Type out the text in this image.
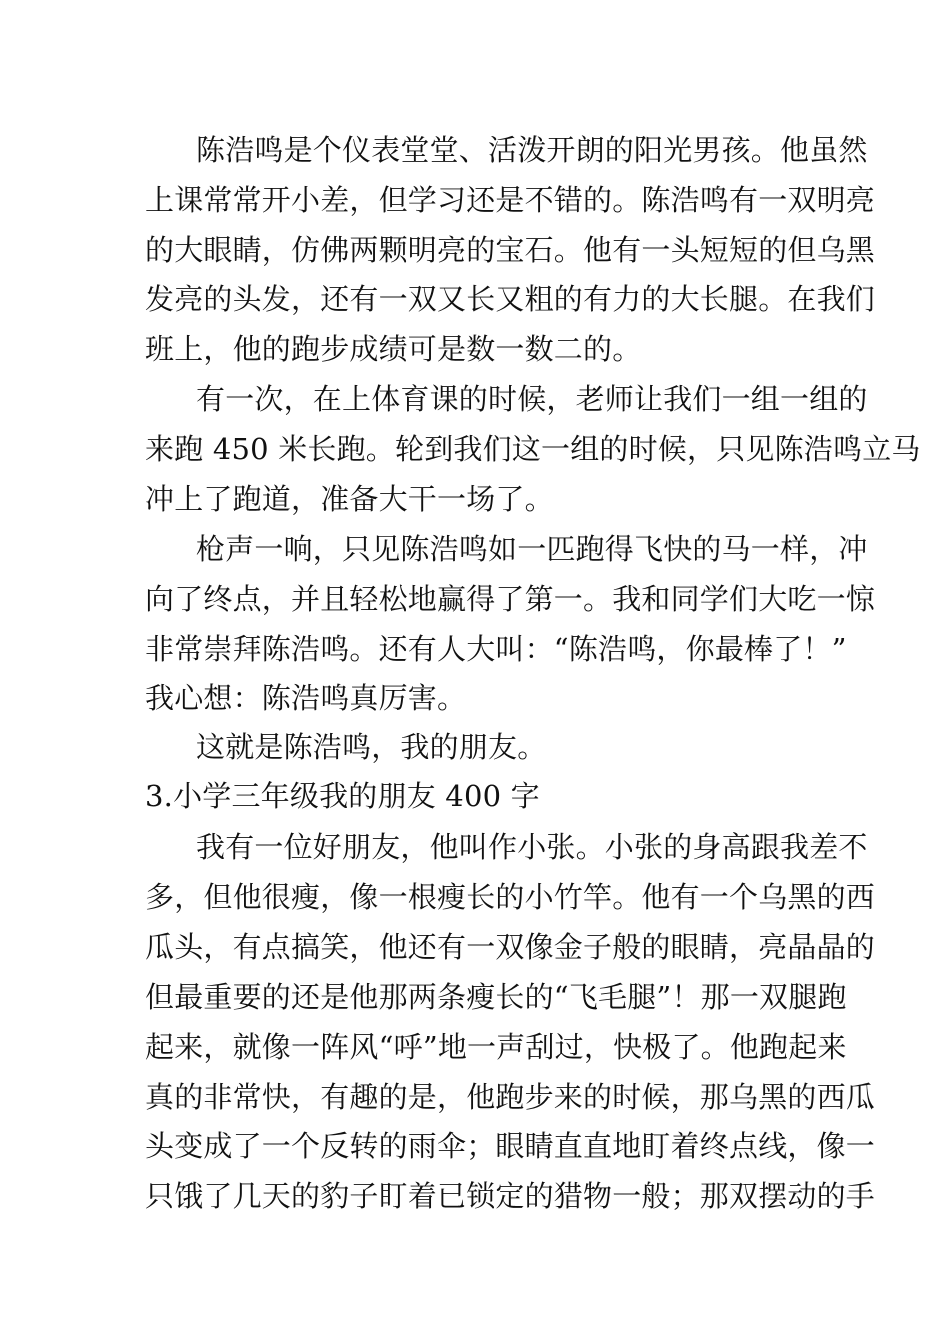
陈浩鸣是个仪表堂堂、活泼开朗的阳光男孩。他虽然

上课常常开小差，但学习还是不错的。陈浩鸣有一双明亮

的大眼睛，仿佛两颗明亮的宝石。他有一头短短的但乌黑

发亮的头发，还有一双又长又粗的有力的大长腿。在我们

班上，他的跑步成绩可是数一数二的。

有一次，在上体育课的时候，老师让我们一组一组的

来跑 450 米长跑。轮到我们这一组的时候，只见陈浩鸣立马

冲上了跑道，准备大干一场了。

枪声一响，只见陈浩鸣如一匹跑得飞快的马一样，冲

向了终点，并且轻松地赢得了第一。我和同学们大吃一惊

非常崇拜陈浩鸣。还有人大叫：“陈浩鸣，你最棒了！”

我心想：陈浩鸣真厉害。

这就是陈浩鸣，我的朋友。

3.小学三年级我的朋友 400 字

我有一位好朋友，他叫作小张。小张的身高跟我差不

多，但他很瘦，像一根瘦长的小竹竿。他有一个乌黑的西

瓜头，有点搞笑，他还有一双像金子般的眼睛，亮晶晶的

但最重要的还是他那两条瘦长的“飞毛腿”！那一双腿跑

起来，就像一阵风“呼”地一声刮过，快极了。他跑起来

真的非常快，有趣的是，他跑步来的时候，那乌黑的西瓜

头变成了一个反转的雨伞；眼睛直直地盯着终点线，像一

只饿了几天的豹子盯着已锁定的猎物一般；那双摆动的手
